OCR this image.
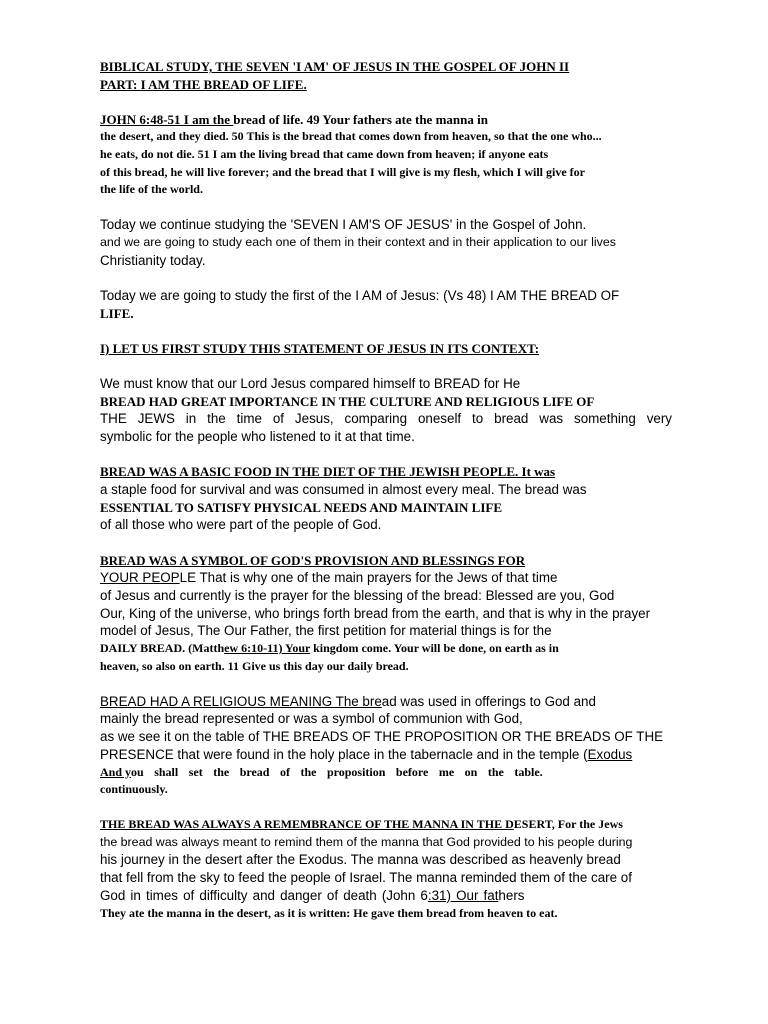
BIBLICAL STUDY, THE SEVEN 'I AM' OF JESUS IN THE GOSPEL OF JOHN II
PART: I AM THE BREAD OF LIFE.
JOHN 6:48-51 I am the bread of life. 49 Your fathers ate the manna in
the desert, and they died. 50 This is the bread that comes down from heaven, so that the one who...
he eats, do not die. 51 I am the living bread that came down from heaven; if anyone eats
of this bread, he will live forever; and the bread that I will give is my flesh, which I will give for
the life of the world.
Today we continue studying the 'SEVEN I AM'S OF JESUS' in the Gospel of John.
and we are going to study each one of them in their context and in their application to our lives
Christianity today.
Today we are going to study the first of the I AM of Jesus: (Vs 48) I AM THE BREAD OF
LIFE.
I) LET US FIRST STUDY THIS STATEMENT OF JESUS IN ITS CONTEXT:
We must know that our Lord Jesus compared himself to BREAD for He
BREAD HAD GREAT IMPORTANCE IN THE CULTURE AND RELIGIOUS LIFE OF
THE JEWS in the time of Jesus, comparing oneself to bread was something very
symbolic for the people who listened to it at that time.
BREAD WAS A BASIC FOOD IN THE DIET OF THE JEWISH PEOPLE. It was
a staple food for survival and was consumed in almost every meal. The bread was
ESSENTIAL TO SATISFY PHYSICAL NEEDS AND MAINTAIN LIFE
of all those who were part of the people of God.
BREAD WAS A SYMBOL OF GOD'S PROVISION AND BLESSINGS FOR
YOUR PEOPLE That is why one of the main prayers for the Jews of that time
of Jesus and currently is the prayer for the blessing of the bread: Blessed are you, God
Our, King of the universe, who brings forth bread from the earth, and that is why in the prayer
model of Jesus, The Our Father, the first petition for material things is for the
DAILY BREAD. (Matthew 6:10-11) Your kingdom come. Your will be done, on earth as in
heaven, so also on earth. 11 Give us this day our daily bread.
BREAD HAD A RELIGIOUS MEANING The bread was used in offerings to God and
mainly the bread represented or was a symbol of communion with God,
as we see it on the table of THE BREADS OF THE PROPOSITION OR THE BREADS OF THE
PRESENCE that were found in the holy place in the tabernacle and in the temple (Exodus
And you shall set the bread of the proposition before me on the table.
continuously.
THE BREAD WAS ALWAYS A REMEMBRANCE OF THE MANNA IN THE DESERT, For the Jews
the bread was always meant to remind them of the manna that God provided to his people during
his journey in the desert after the Exodus. The manna was described as heavenly bread
that fell from the sky to feed the people of Israel. The manna reminded them of the care of
God in times of difficulty and danger of death (John 6:31) Our fathers
They ate the manna in the desert, as it is written: He gave them bread from heaven to eat.
